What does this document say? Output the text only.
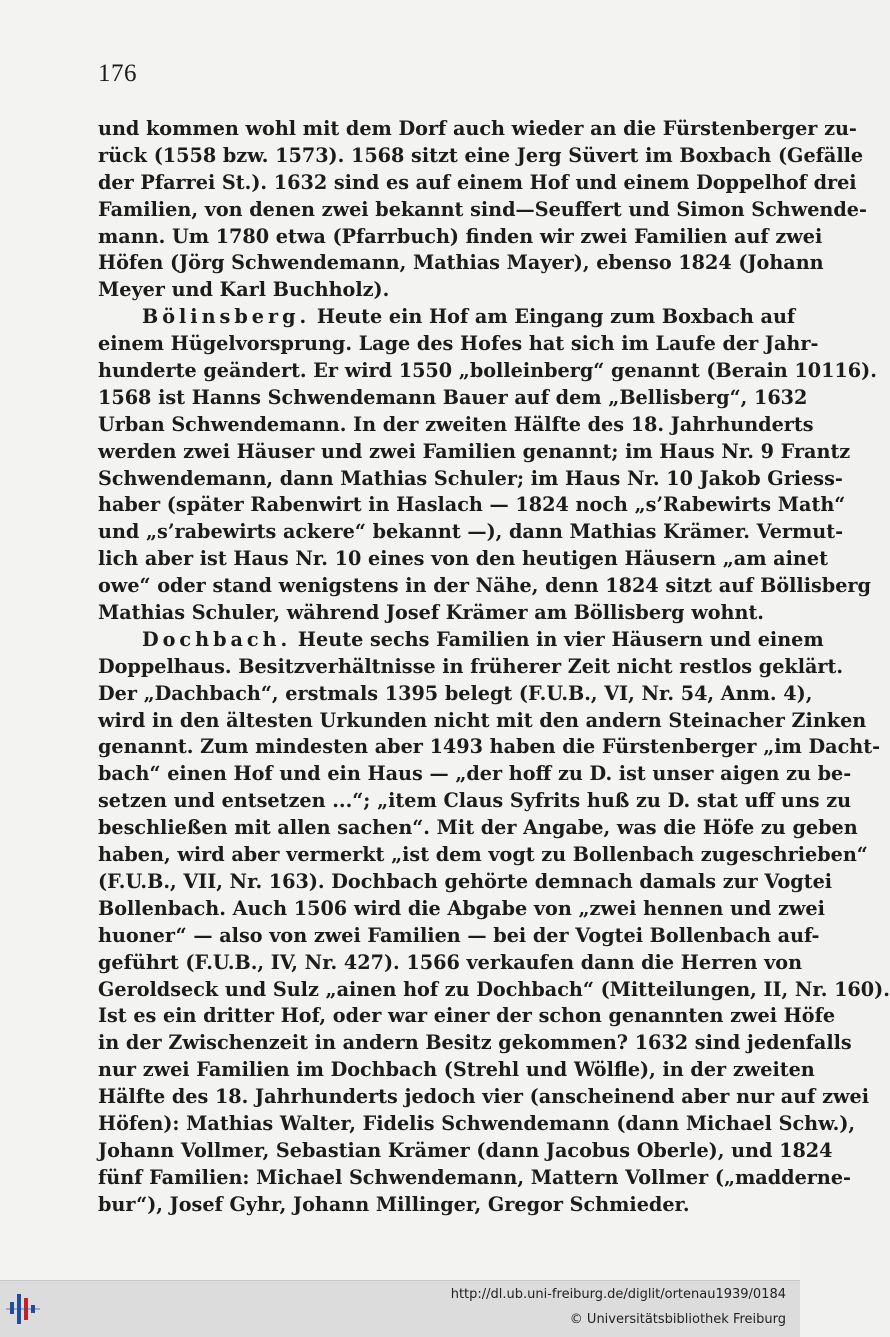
176
und kommen wohl mit dem Dorf auch wieder an die Fürstenberger zu-
rück (1558 bzw. 1573). 1568 sitzt eine Jerg Süvert im Boxbach (Gefälle
der Pfarrei St.). 1632 sind es auf einem Hof und einem Doppelhof drei
Familien, von denen zwei bekannt sind—Seuffert und Simon Schwende-
mann. Um 1780 etwa (Pfarrbuch) finden wir zwei Familien auf zwei
Höfen (Jörg Schwendemann, Mathias Mayer), ebenso 1824 (Johann
Meyer und Karl Buchholz).
Bölinsberg. Heute ein Hof am Eingang zum Boxbach auf
einem Hügelvorsprung. Lage des Hofes hat sich im Laufe der Jahr-
hunderte geändert. Er wird 1550 „bolleinberg“ genannt (Berain 10116).
1568 ist Hanns Schwendemann Bauer auf dem „Bellisberg“, 1632
Urban Schwendemann. In der zweiten Hälfte des 18. Jahrhunderts
werden zwei Häuser und zwei Familien genannt; im Haus Nr. 9 Frantz
Schwendemann, dann Mathias Schuler; im Haus Nr. 10 Jakob Griess-
haber (später Rabenwirt in Haslach — 1824 noch „s’Rabewirts Math“
und „s’rabewirts ackere“ bekannt —), dann Mathias Krämer. Vermut-
lich aber ist Haus Nr. 10 eines von den heutigen Häusern „am ainet
owe“ oder stand wenigstens in der Nähe, denn 1824 sitzt auf Böllisberg
Mathias Schuler, während Josef Krämer am Böllisberg wohnt.
Dochbach. Heute sechs Familien in vier Häusern und einem
Doppelhaus. Besitzverhältnisse in früherer Zeit nicht restlos geklärt.
Der „Dachbach“, erstmals 1395 belegt (F.U.B., VI, Nr. 54, Anm. 4),
wird in den ältesten Urkunden nicht mit den andern Steinacher Zinken
genannt. Zum mindesten aber 1493 haben die Fürstenberger „im Dacht-
bach“ einen Hof und ein Haus — „der hoff zu D. ist unser aigen zu be-
setzen und entsetzen ...“; „item Claus Syfrits huß zu D. stat uff uns zu
beschließen mit allen sachen“. Mit der Angabe, was die Höfe zu geben
haben, wird aber vermerkt „ist dem vogt zu Bollenbach zugeschrieben“
(F.U.B., VII, Nr. 163). Dochbach gehörte demnach damals zur Vogtei
Bollenbach. Auch 1506 wird die Abgabe von „zwei hennen und zwei
huoner“ — also von zwei Familien — bei der Vogtei Bollenbach auf-
geführt (F.U.B., IV, Nr. 427). 1566 verkaufen dann die Herren von
Geroldseck und Sulz „ainen hof zu Dochbach“ (Mitteilungen, II, Nr. 160).
Ist es ein dritter Hof, oder war einer der schon genannten zwei Höfe
in der Zwischenzeit in andern Besitz gekommen? 1632 sind jedenfalls
nur zwei Familien im Dochbach (Strehl und Wölfle), in der zweiten
Hälfte des 18. Jahrhunderts jedoch vier (anscheinend aber nur auf zwei
Höfen): Mathias Walter, Fidelis Schwendemann (dann Michael Schw.),
Johann Vollmer, Sebastian Krämer (dann Jacobus Oberle), und 1824
fünf Familien: Michael Schwendemann, Mattern Vollmer („madderne-
bur“), Josef Gyhr, Johann Millinger, Gregor Schmieder.
http://dl.ub.uni-freiburg.de/diglit/ortenau1939/0184
© Universitätsbibliothek Freiburg
